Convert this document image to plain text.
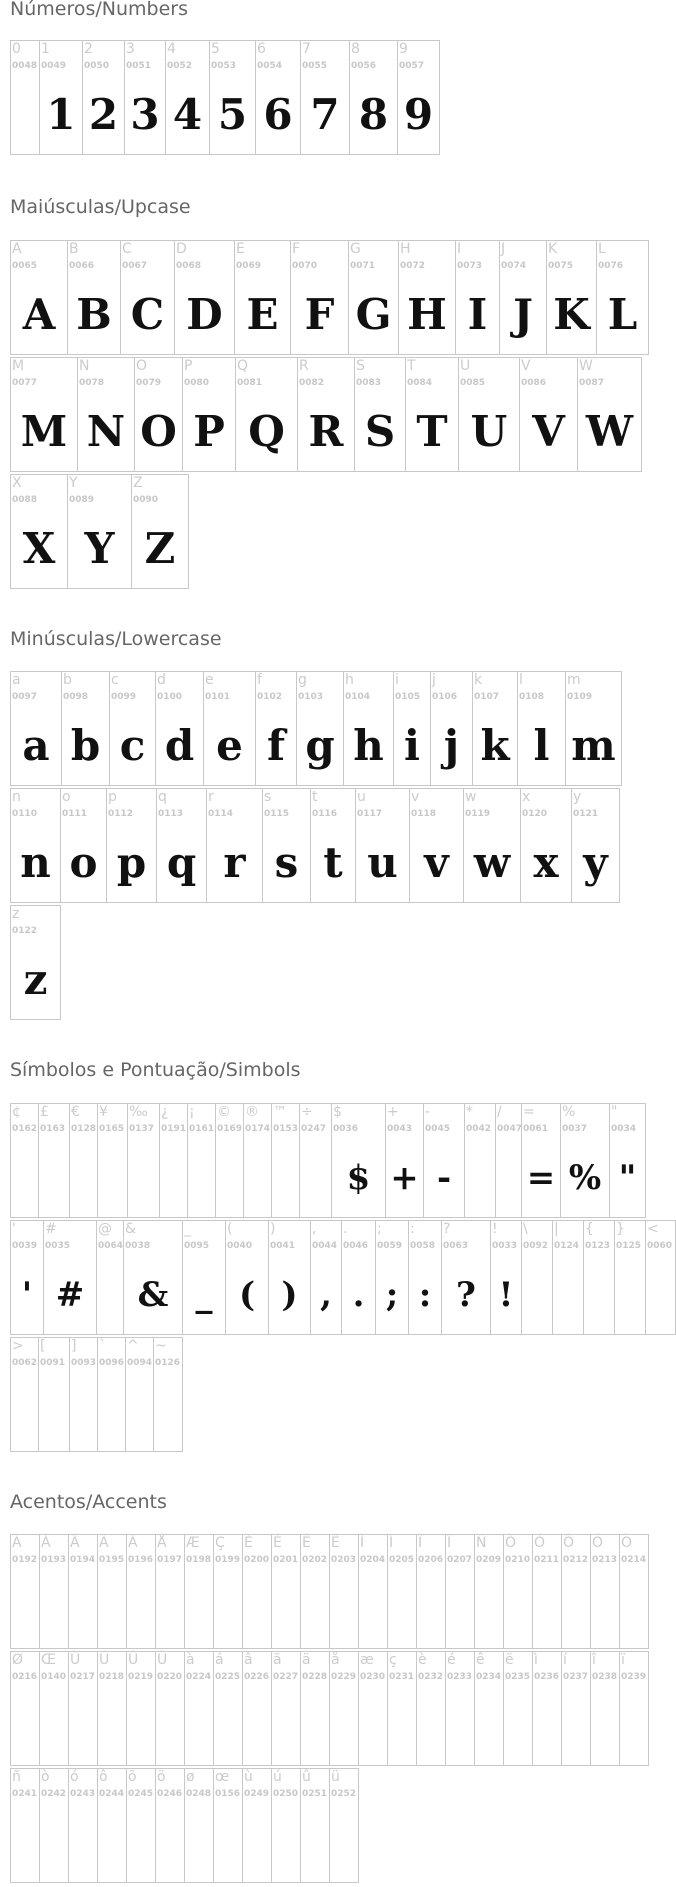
Números/Numbers
0
0048
1
0049
1
2
0050
2
3
0051
3
4
0052
4
5
0053
5
6
0054
6
7
0055
7
8
0056
8
9
0057
9
Maiúsculas/Upcase
A
0065
A
B
0066
B
C
0067
C
D
0068
D
E
0069
E
F
0070
F
G
0071
G
H
0072
H
I
0073
I
J
0074
J
K
0075
K
L
0076
L
M
0077
M
N
0078
N
O
0079
O
P
0080
P
Q
0081
Q
R
0082
R
S
0083
S
T
0084
T
U
0085
U
V
0086
V
W
0087
W
X
0088
X
Y
0089
Y
Z
0090
Z
Minúsculas/Lowercase
a
0097
a
b
0098
b
c
0099
c
d
0100
d
e
0101
e
f
0102
f
g
0103
g
h
0104
h
i
0105
i
j
0106
j
k
0107
k
l
0108
l
m
0109
m
n
0110
n
o
0111
o
p
0112
p
q
0113
q
r
0114
r
s
0115
s
t
0116
t
u
0117
u
v
0118
v
w
0119
w
x
0120
x
y
0121
y
z
0122
z
Símbolos e Pontuação/Simbols
¢
0162
£
0163
€
0128
¥
0165
‰
0137
¿
0191
¡
0161
©
0169
®
0174
™
0153
÷
0247
$
0036
$
+
0043
+
-
0045
-
*
0042
/
0047
=
0061
=
%
0037
%
"
0034
"
'
0039
'
#
0035
#
@
0064
&
0038
&
_
0095
_
(
0040
(
)
0041
)
,
0044
,
.
0046
.
;
0059
;
:
0058
:
?
0063
?
!
0033
!
\
0092
|
0124
{
0123
}
0125
<
0060
>
0062
[
0091
]
0093
`
0096
^
0094
~
0126
Acentos/Accents
À
0192
Á
0193
Â
0194
Ã
0195
Ä
0196
Å
0197
Æ
0198
Ç
0199
È
0200
É
0201
Ê
0202
Ë
0203
Ì
0204
Í
0205
Î
0206
Ï
0207
Ñ
0209
Ò
0210
Ó
0211
Ô
0212
Õ
0213
Ö
0214
Ø
0216
Œ
0140
Ù
0217
Ú
0218
Û
0219
Ü
0220
à
0224
á
0225
â
0226
ã
0227
ä
0228
å
0229
æ
0230
ç
0231
è
0232
é
0233
ê
0234
ë
0235
ì
0236
í
0237
î
0238
ï
0239
ñ
0241
ò
0242
ó
0243
ô
0244
õ
0245
ö
0246
ø
0248
œ
0156
ù
0249
ú
0250
û
0251
ü
0252
